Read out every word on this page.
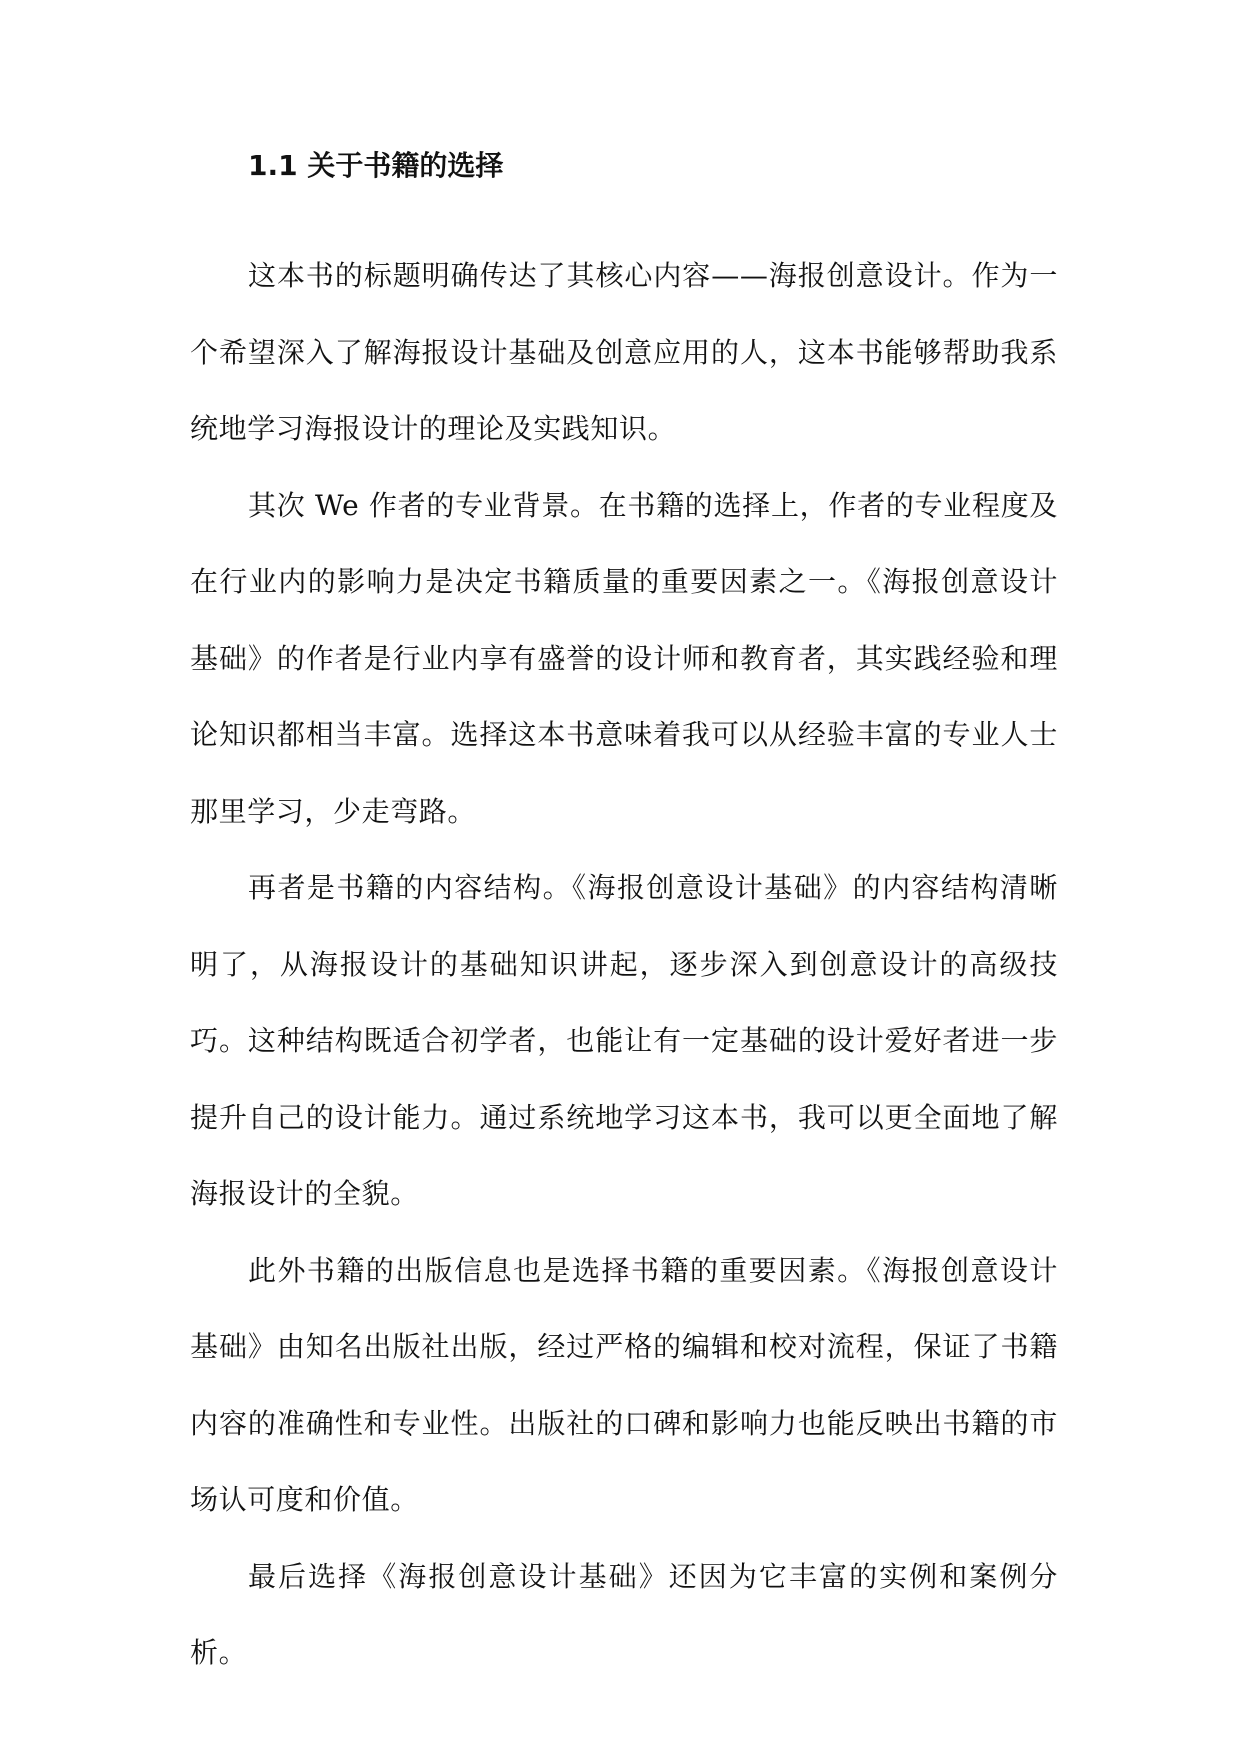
1.1 关于书籍的选择

这本书的标题明确传达了其核心内容——海报创意设计。作为一个希望深入了解海报设计基础及创意应用的人，这本书能够帮助我系统地学习海报设计的理论及实践知识。

其次 We 作者的专业背景。在书籍的选择上，作者的专业程度及在行业内的影响力是决定书籍质量的重要因素之一。《海报创意设计基础》的作者是行业内享有盛誉的设计师和教育者，其实践经验和理论知识都相当丰富。选择这本书意味着我可以从经验丰富的专业人士那里学习，少走弯路。

再者是书籍的内容结构。《海报创意设计基础》的内容结构清晰明了，从海报设计的基础知识讲起，逐步深入到创意设计的高级技巧。这种结构既适合初学者，也能让有一定基础的设计爱好者进一步提升自己的设计能力。通过系统地学习这本书，我可以更全面地了解海报设计的全貌。

此外书籍的出版信息也是选择书籍的重要因素。《海报创意设计基础》由知名出版社出版，经过严格的编辑和校对流程，保证了书籍内容的准确性和专业性。出版社的口碑和影响力也能反映出书籍的市场认可度和价值。

最后选择《海报创意设计基础》还因为它丰富的实例和案例分析。
